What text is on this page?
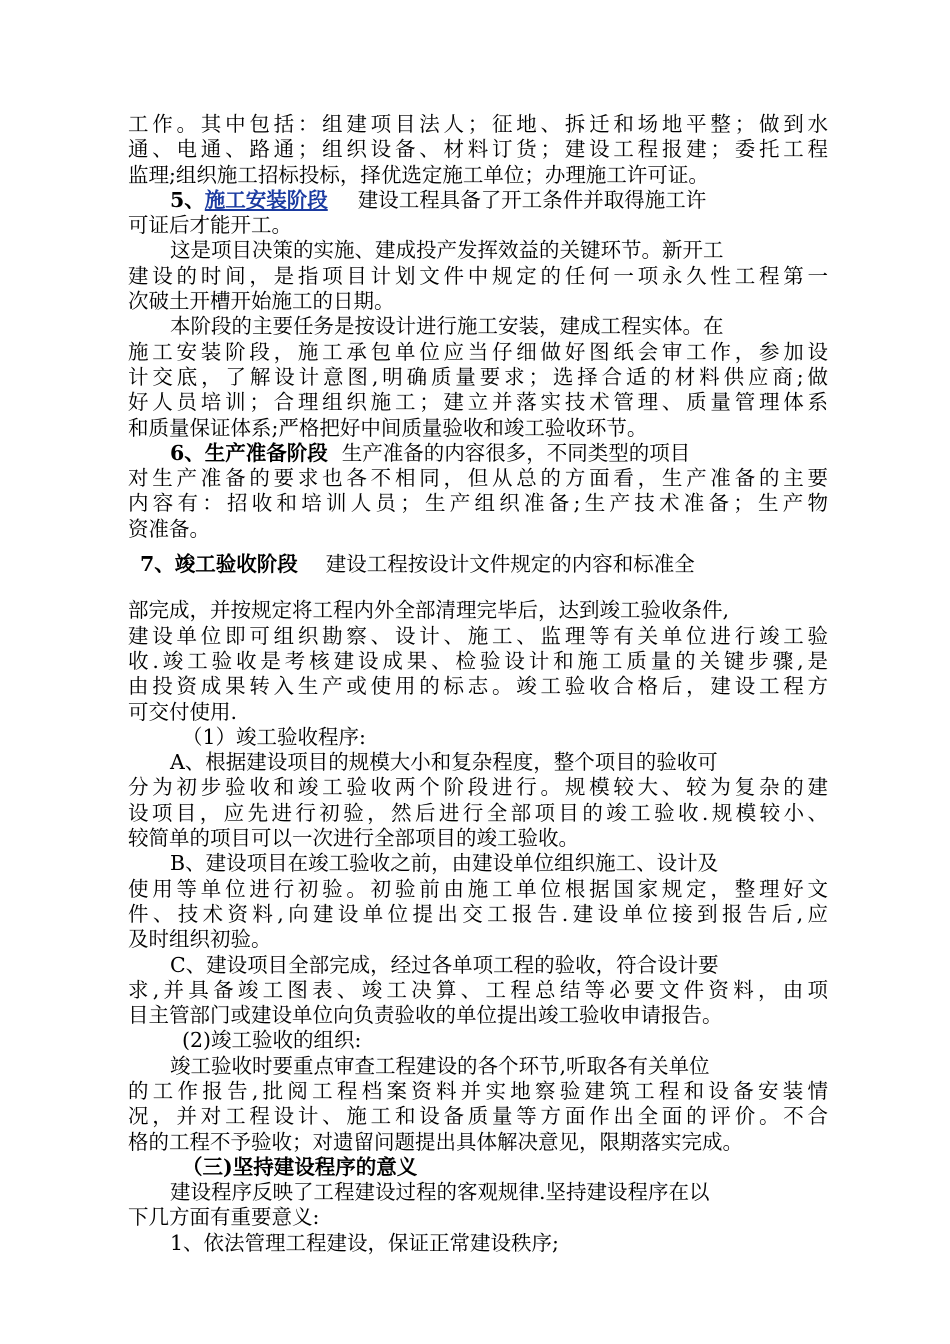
工作。其中包括：组建项目法人；征地、拆迁和场地平整；做到水
通、电通、路通；组织设备、材料订货；建设工程报建；委托工程
监理;组织施工招标投标，择优选定施工单位；办理施工许可证。
5、施工安装阶段 建设工程具备了开工条件并取得施工许
可证后才能开工。
这是项目决策的实施、建成投产发挥效益的关键环节。新开工
建设的时间，是指项目计划文件中规定的任何一项永久性工程第一
次破土开槽开始施工的日期。
本阶段的主要任务是按设计进行施工安装，建成工程实体。在
施工安装阶段，施工承包单位应当仔细做好图纸会审工作，参加设
计交底，了解设计意图,明确质量要求；选择合适的材料供应商;做
好人员培训；合理组织施工；建立并落实技术管理、质量管理体系
和质量保证体系;严格把好中间质量验收和竣工验收环节。
6、生产准备阶段 生产准备的内容很多，不同类型的项目
对生产准备的要求也各不相同，但从总的方面看，生产准备的主要
内容有：招收和培训人员；生产组织准备;生产技术准备；生产物
资准备。
7、竣工验收阶段 建设工程按设计文件规定的内容和标准全
部完成，并按规定将工程内外全部清理完毕后，达到竣工验收条件,
建设单位即可组织勘察、设计、施工、监理等有关单位进行竣工验
收.竣工验收是考核建设成果、检验设计和施工质量的关键步骤,是
由投资成果转入生产或使用的标志。竣工验收合格后，建设工程方
可交付使用.
（1）竣工验收程序:
A、根据建设项目的规模大小和复杂程度，整个项目的验收可
分为初步验收和竣工验收两个阶段进行。规模较大、较为复杂的建
设项目，应先进行初验，然后进行全部项目的竣工验收.规模较小、
较简单的项目可以一次进行全部项目的竣工验收。
B、建设项目在竣工验收之前，由建设单位组织施工、设计及
使用等单位进行初验。初验前由施工单位根据国家规定，整理好文
件、技术资料,向建设单位提出交工报告.建设单位接到报告后,应
及时组织初验。
C、建设项目全部完成，经过各单项工程的验收，符合设计要
求,并具备竣工图表、竣工决算、工程总结等必要文件资料，由项
目主管部门或建设单位向负责验收的单位提出竣工验收申请报告。
(2)竣工验收的组织:
竣工验收时要重点审查工程建设的各个环节,听取各有关单位
的工作报告,批阅工程档案资料并实地察验建筑工程和设备安装情
况，并对工程设计、施工和设备质量等方面作出全面的评价。不合
格的工程不予验收；对遗留问题提出具体解决意见，限期落实完成。
（三)坚持建设程序的意义
建设程序反映了工程建设过程的客观规律.坚持建设程序在以
下几方面有重要意义:
1、依法管理工程建设，保证正常建设秩序;
